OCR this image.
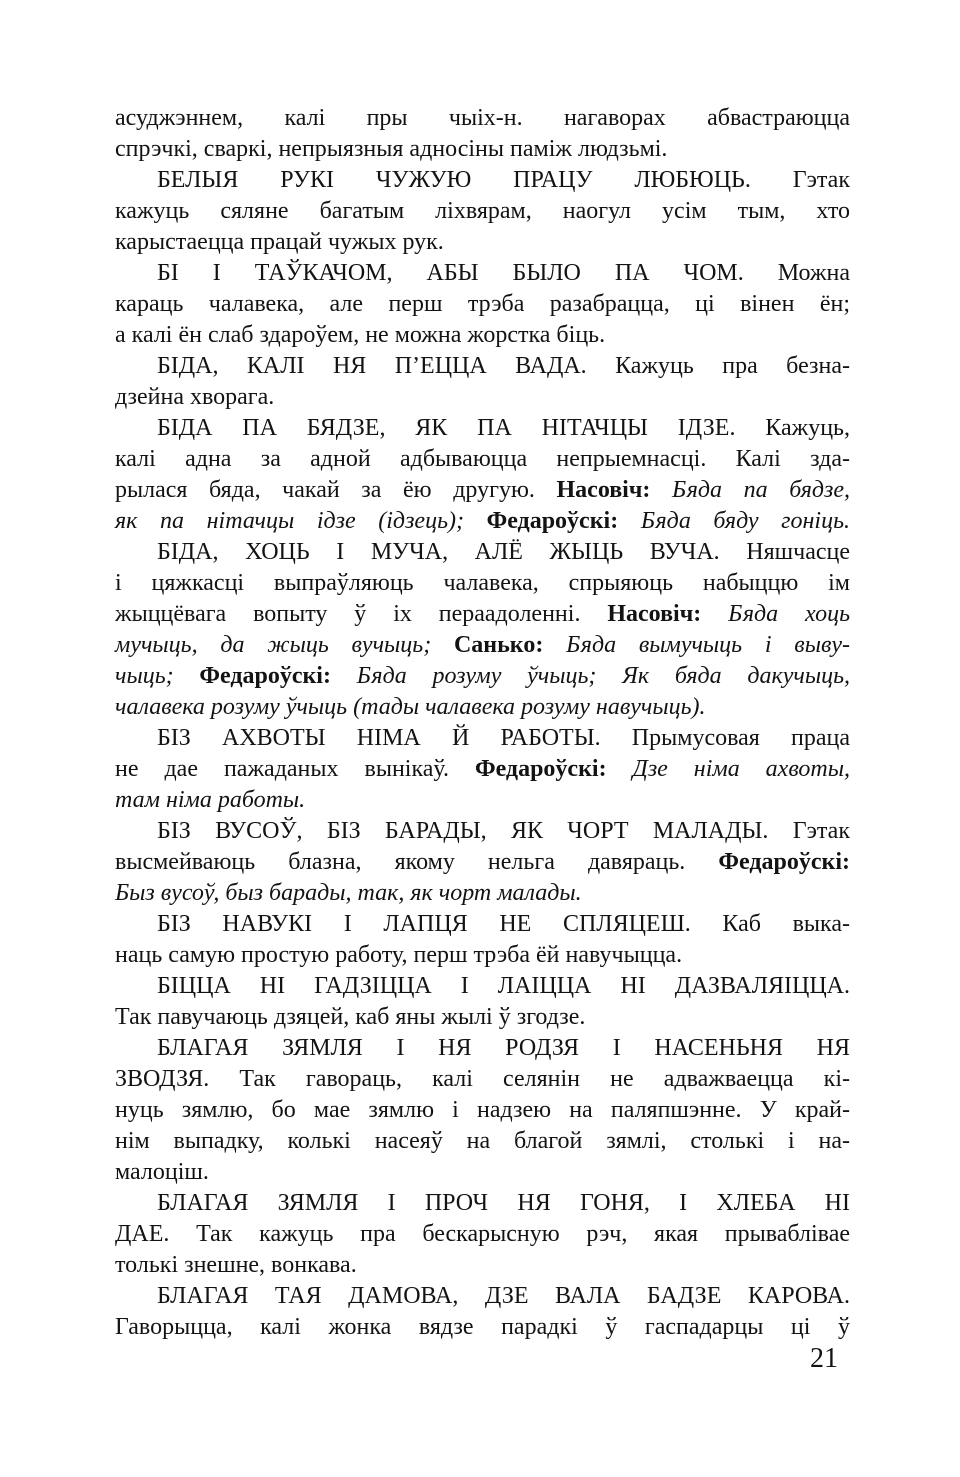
асуджэннем, калі пры чыіх-н. нагаворах абвастраюцца
спрэчкі, сваркі, непрыязныя адносіны паміж людзьмі.
БЕЛЫЯ РУКІ ЧУЖУЮ ПРАЦУ ЛЮБЮЦЬ. Гэтак
кажуць сяляне багатым ліхвярам, наогул усім тым, хто
карыстаецца працай чужых рук.
БІ І ТАЎКАЧОМ, АБЫ БЫЛО ПА ЧОМ. Можна
караць чалавека, але перш трэба разабрацца, ці вінен ён;
а калі ён слаб здароўем, не можна жорстка біць.
БІДА, КАЛІ НЯ П’ЕЦЦА ВАДА. Кажуць пра безна-
дзейна хворага.
БІДА ПА БЯДЗЕ, ЯК ПА НІТАЧЦЫ ІДЗЕ. Кажуць,
калі адна за адной адбываюцца непрыемнасці. Калі зда-
рылася бяда, чакай за ёю другую. Насовіч: Бяда па бядзе,
як па нітачцы ідзе (ідзець); Федароўскі: Бяда бяду гоніць.
БІДА, ХОЦЬ І МУЧА, АЛЁ ЖЫЦЬ ВУЧА. Няшчасце
і цяжкасці выпраўляюць чалавека, спрыяюць набыццю ім
жыццёвага вопыту ў іх пераадоленні. Насовіч: Бяда хоць
мучыць, да жыць вучыць; Санько: Бяда вымучыць і выву-
чыць; Федароўскі: Бяда розуму ўчыць; Як бяда дакучыць,
чалавека розуму ўчыць (тады чалавека розуму навучыць).
БІЗ АХВОТЫ НІМА Й РАБОТЫ. Прымусовая праца
не дае пажаданых вынікаў. Федароўскі: Дзе німа ахвоты,
там німа работы.
БІЗ ВУСОЎ, БІЗ БАРАДЫ, ЯК ЧОРТ МАЛАДЫ. Гэтак
высмейваюць блазна, якому нельга давяраць. Федароўскі:
Быз вусоў, быз барады, так, як чорт малады.
БІЗ НАВУКІ І ЛАПЦЯ НЕ СПЛЯЦЕШ. Каб выка-
наць самую простую работу, перш трэба ёй навучыцца.
БІЦЦА НІ ГАДЗІЦЦА І ЛАІЦЦА НІ ДАЗВАЛЯІЦЦА.
Так павучаюць дзяцей, каб яны жылі ў згодзе.
БЛАГАЯ ЗЯМЛЯ І НЯ РОДЗЯ І НАСЕНЬНЯ НЯ
ЗВОДЗЯ. Так гавораць, калі селянін не адважваецца кі-
нуць зямлю, бо мае зямлю і надзею на паляпшэнне. У край-
нім выпадку, колькі насеяў на благой зямлі, столькі і на-
малоціш.
БЛАГАЯ ЗЯМЛЯ І ПРОЧ НЯ ГОНЯ, І ХЛЕБА НІ
ДАЕ. Так кажуць пра бескарысную рэч, якая прываблівае
толькі знешне, вонкава.
БЛАГАЯ ТАЯ ДАМОВА, ДЗЕ ВАЛА БАДЗЕ КАРОВА.
Гаворыцца, калі жонка вядзе парадкі ў гаспадарцы ці ў
21
